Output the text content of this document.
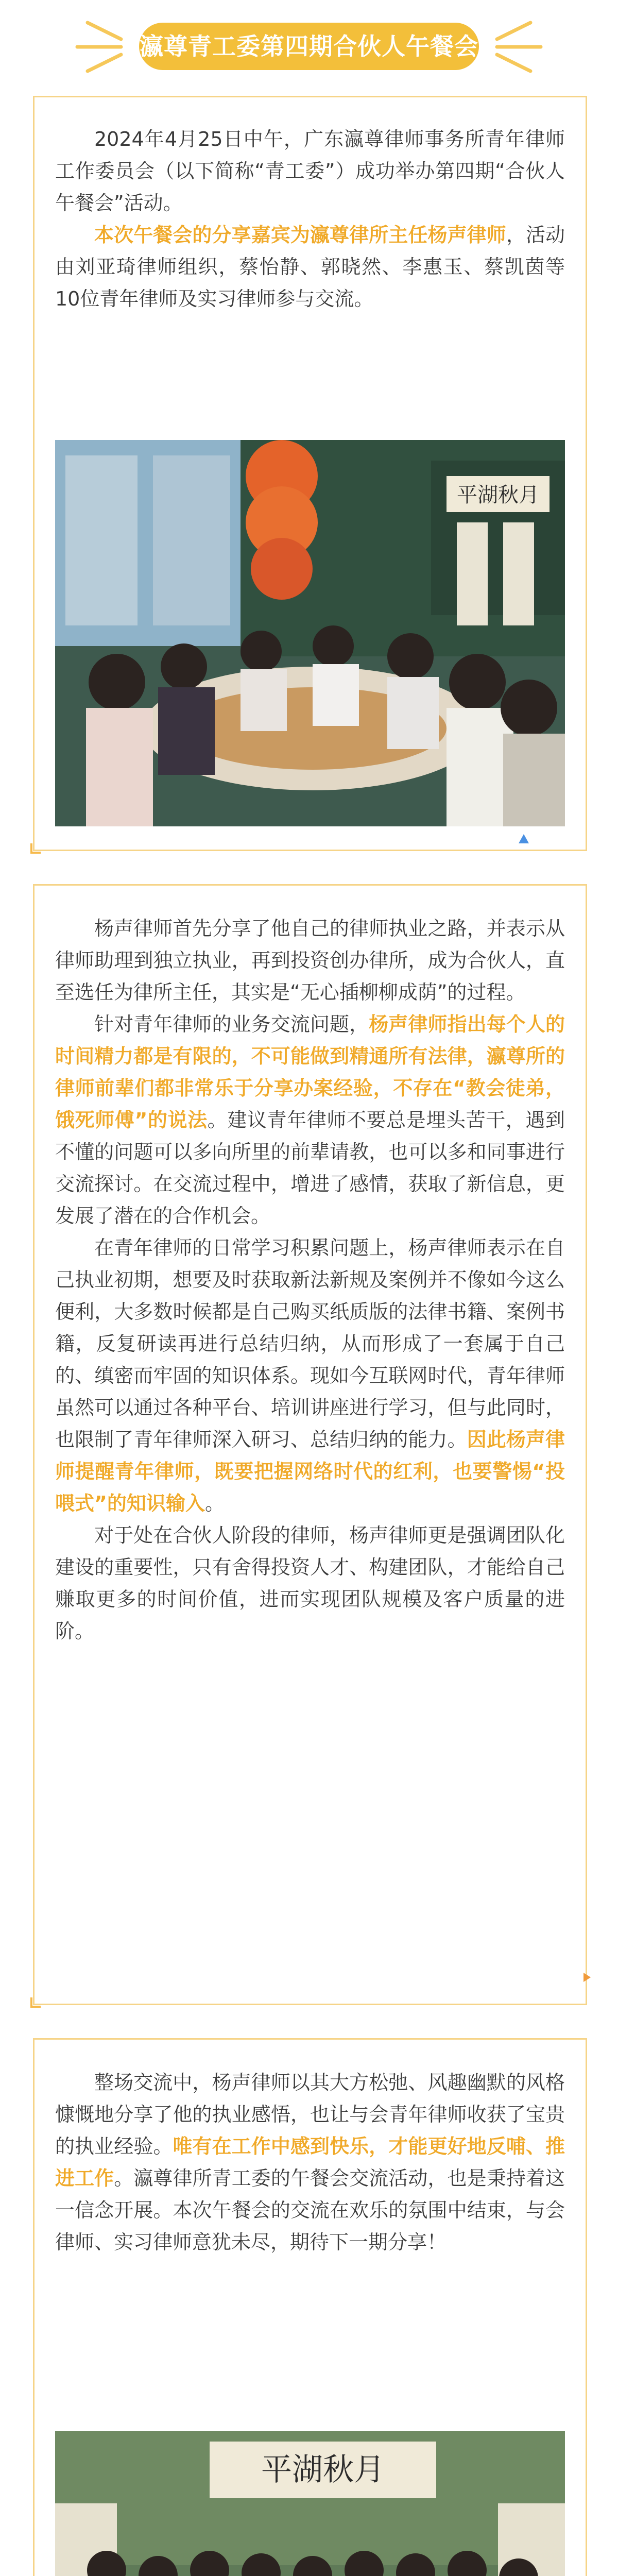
瀛尊青工委第四期合伙人午餐会

2024年4月25日中午，广东瀛尊律师事务所青年律师工作委员会（以下简称“青工委”）成功举办第四期“合伙人午餐会”活动。

本次午餐会的分享嘉宾为瀛尊律所主任杨声律师，活动由刘亚琦律师组织，蔡怡静、郭晓然、李惠玉、蔡凯茵等10位青年律师及实习律师参与交流。

平湖秋月

杨声律师首先分享了他自己的律师执业之路，并表示从律师助理到独立执业，再到投资创办律所，成为合伙人，直至选任为律所主任，其实是“无心插柳柳成荫”的过程。

针对青年律师的业务交流问题，杨声律师指出每个人的时间精力都是有限的，不可能做到精通所有法律，瀛尊所的律师前辈们都非常乐于分享办案经验，不存在“教会徒弟，饿死师傅”的说法。建议青年律师不要总是埋头苦干，遇到不懂的问题可以多向所里的前辈请教，也可以多和同事进行交流探讨。在交流过程中，增进了感情，获取了新信息，更发展了潜在的合作机会。

在青年律师的日常学习积累问题上，杨声律师表示在自己执业初期，想要及时获取新法新规及案例并不像如今这么便利，大多数时候都是自己购买纸质版的法律书籍、案例书籍，反复研读再进行总结归纳，从而形成了一套属于自己的、缜密而牢固的知识体系。现如今互联网时代，青年律师虽然可以通过各种平台、培训讲座进行学习，但与此同时，也限制了青年律师深入研习、总结归纳的能力。因此杨声律师提醒青年律师，既要把握网络时代的红利，也要警惕“投喂式”的知识输入。

对于处在合伙人阶段的律师，杨声律师更是强调团队化建设的重要性，只有舍得投资人才、构建团队，才能给自己赚取更多的时间价值，进而实现团队规模及客户质量的进阶。

整场交流中，杨声律师以其大方松弛、风趣幽默的风格慷慨地分享了他的执业感悟，也让与会青年律师收获了宝贵的执业经验。唯有在工作中感到快乐，才能更好地反哺、推进工作。瀛尊律所青工委的午餐会交流活动，也是秉持着这一信念开展。本次午餐会的交流在欢乐的氛围中结束，与会律师、实习律师意犹未尽，期待下一期分享！

平湖秋月
